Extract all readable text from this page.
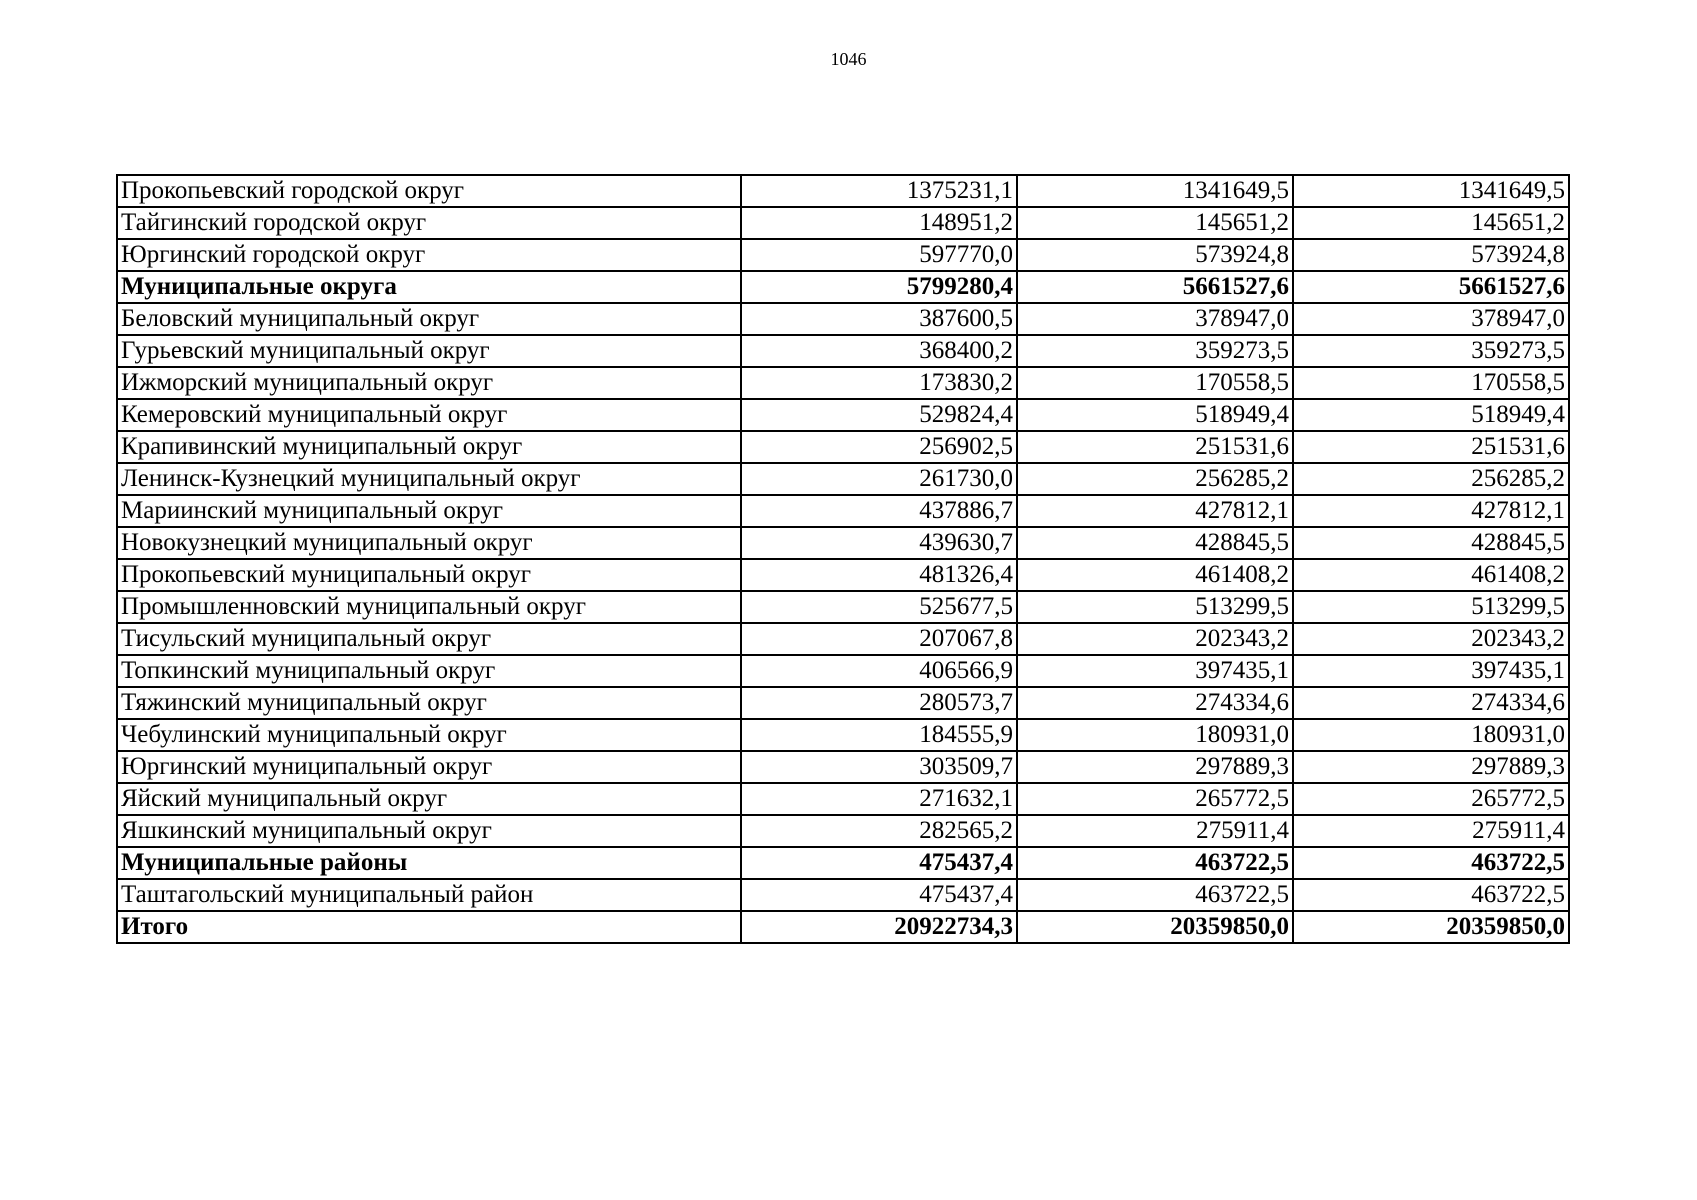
1046
Прокопьевский городской округ	1375231,1	1341649,5	1341649,5
Тайгинский городской округ	148951,2	145651,2	145651,2
Юргинский городской округ	597770,0	573924,8	573924,8
Муниципальные округа	5799280,4	5661527,6	5661527,6
Беловский муниципальный округ	387600,5	378947,0	378947,0
Гурьевский муниципальный округ	368400,2	359273,5	359273,5
Ижморский муниципальный округ	173830,2	170558,5	170558,5
Кемеровский муниципальный округ	529824,4	518949,4	518949,4
Крапивинский муниципальный округ	256902,5	251531,6	251531,6
Ленинск-Кузнецкий муниципальный округ	261730,0	256285,2	256285,2
Мариинский муниципальный округ	437886,7	427812,1	427812,1
Новокузнецкий муниципальный округ	439630,7	428845,5	428845,5
Прокопьевский муниципальный округ	481326,4	461408,2	461408,2
Промышленновский муниципальный округ	525677,5	513299,5	513299,5
Тисульский муниципальный округ	207067,8	202343,2	202343,2
Топкинский муниципальный округ	406566,9	397435,1	397435,1
Тяжинский муниципальный округ	280573,7	274334,6	274334,6
Чебулинский муниципальный округ	184555,9	180931,0	180931,0
Юргинский муниципальный округ	303509,7	297889,3	297889,3
Яйский муниципальный округ	271632,1	265772,5	265772,5
Яшкинский муниципальный округ	282565,2	275911,4	275911,4
Муниципальные районы	475437,4	463722,5	463722,5
Таштагольский муниципальный район	475437,4	463722,5	463722,5
Итого	20922734,3	20359850,0	20359850,0
